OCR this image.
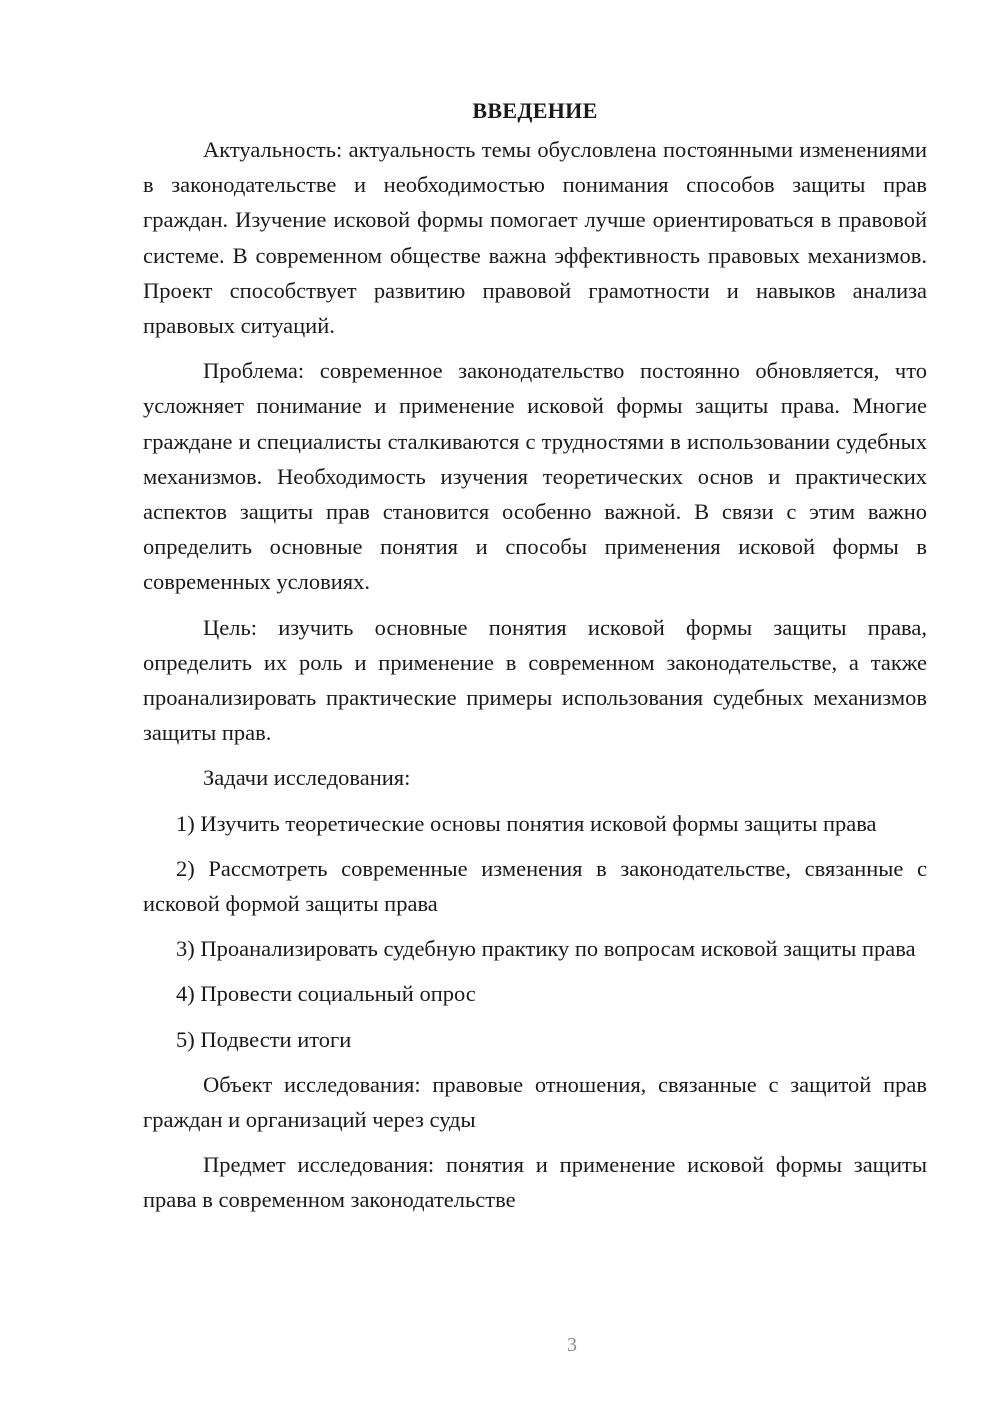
ВВЕДЕНИЕ

Актуальность: актуальность темы обусловлена постоянными изменениями в законодательстве и необходимостью понимания способов защиты прав граждан. Изучение исковой формы помогает лучше ориентироваться в правовой системе. В современном обществе важна эффективность правовых механизмов. Проект способствует развитию правовой грамотности и навыков анализа правовых ситуаций.

Проблема: современное законодательство постоянно обновляется, что усложняет понимание и применение исковой формы защиты права. Многие граждане и специалисты сталкиваются с трудностями в использовании судебных механизмов. Необходимость изучения теоретических основ и практических аспектов защиты прав становится особенно важной. В связи с этим важно определить основные понятия и способы применения исковой формы в современных условиях.

Цель: изучить основные понятия исковой формы защиты права, определить их роль и применение в современном законодательстве, а также проанализировать практические примеры использования судебных механизмов защиты прав.

Задачи исследования:

1) Изучить теоретические основы понятия исковой формы защиты права

2) Рассмотреть современные изменения в законодательстве, связанные с исковой формой защиты права

3) Проанализировать судебную практику по вопросам исковой защиты права

4) Провести социальный опрос

5) Подвести итоги

Объект исследования: правовые отношения, связанные с защитой прав граждан и организаций через суды

Предмет исследования: понятия и применение исковой формы защиты права в современном законодательстве

3
